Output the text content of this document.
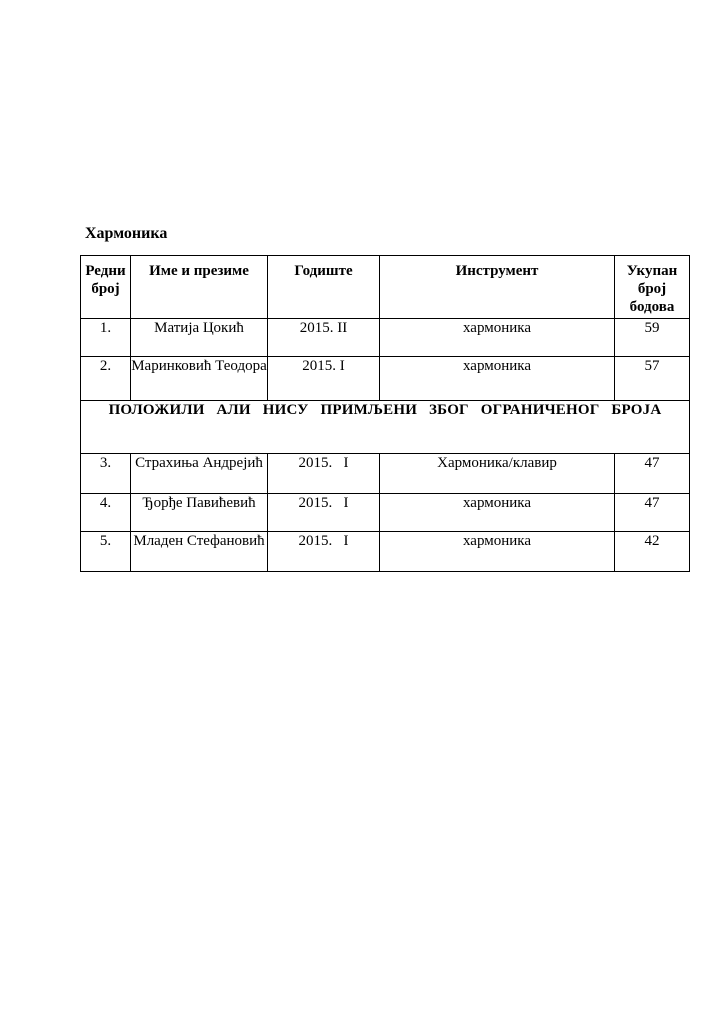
Хармоника
Редни број	Име и презиме	Годиште	Инструмент	Укупан број бодова
1.	Матија Цокић	2015. II	хармоника	59
2.	Маринковић Теодора	2015. I	хармоника	57
ПОЛОЖИЛИ АЛИ НИСУ ПРИМЉЕНИ ЗБОГ ОГРАНИЧЕНОГ БРОЈА				
3.	Страхиња Андрејић	2015.   I	Хармоника/клавир	47
4.	Ђорђе Павићевић	2015.   I	хармоника	47
5.	Младен Стефановић	2015.   I	хармоника	42
